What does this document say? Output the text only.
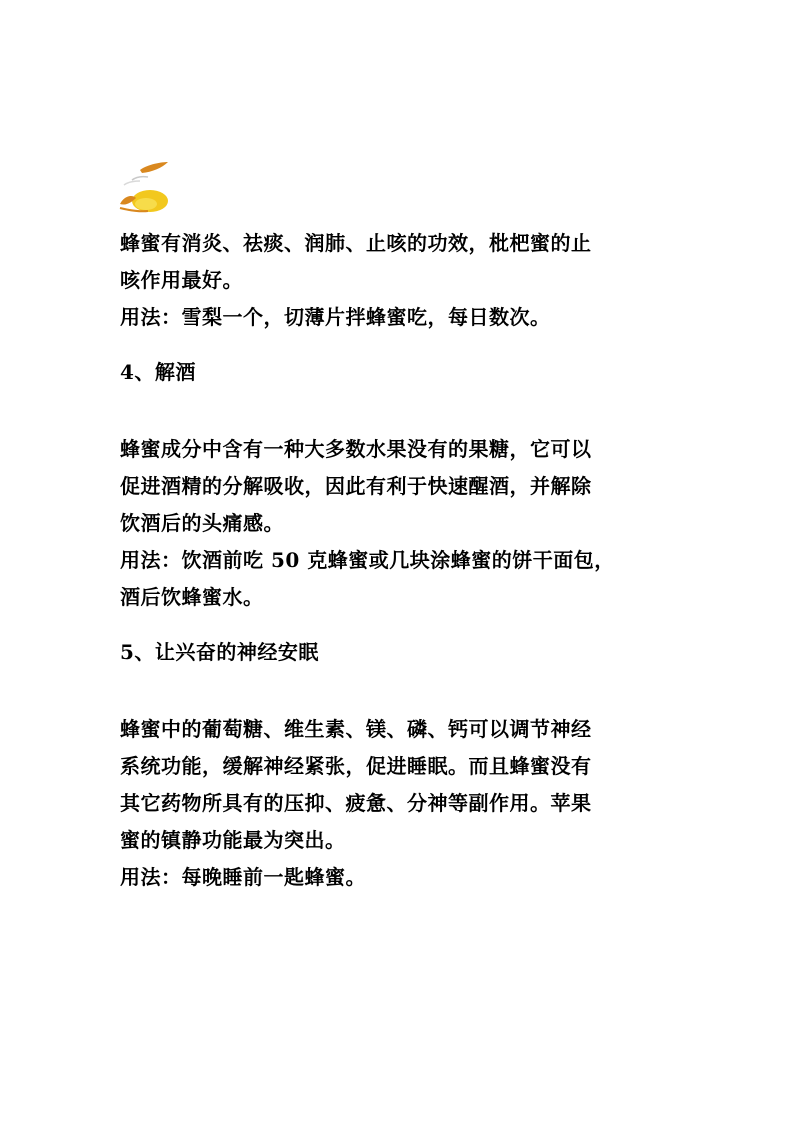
蜂蜜有消炎、祛痰、润肺、止咳的功效，枇杷蜜的止

咳作用最好。

用法：雪梨一个，切薄片拌蜂蜜吃，每日数次。

4、解酒

蜂蜜成分中含有一种大多数水果没有的果糖，它可以

促进酒精的分解吸收，因此有利于快速醒酒，并解除

饮酒后的头痛感。

用法：饮酒前吃 50 克蜂蜜或几块涂蜂蜜的饼干面包，

酒后饮蜂蜜水。

5、让兴奋的神经安眠

蜂蜜中的葡萄糖、维生素、镁、磷、钙可以调节神经

系统功能，缓解神经紧张，促进睡眠。而且蜂蜜没有

其它药物所具有的压抑、疲惫、分神等副作用。苹果

蜜的镇静功能最为突出。

用法：每晚睡前一匙蜂蜜。
